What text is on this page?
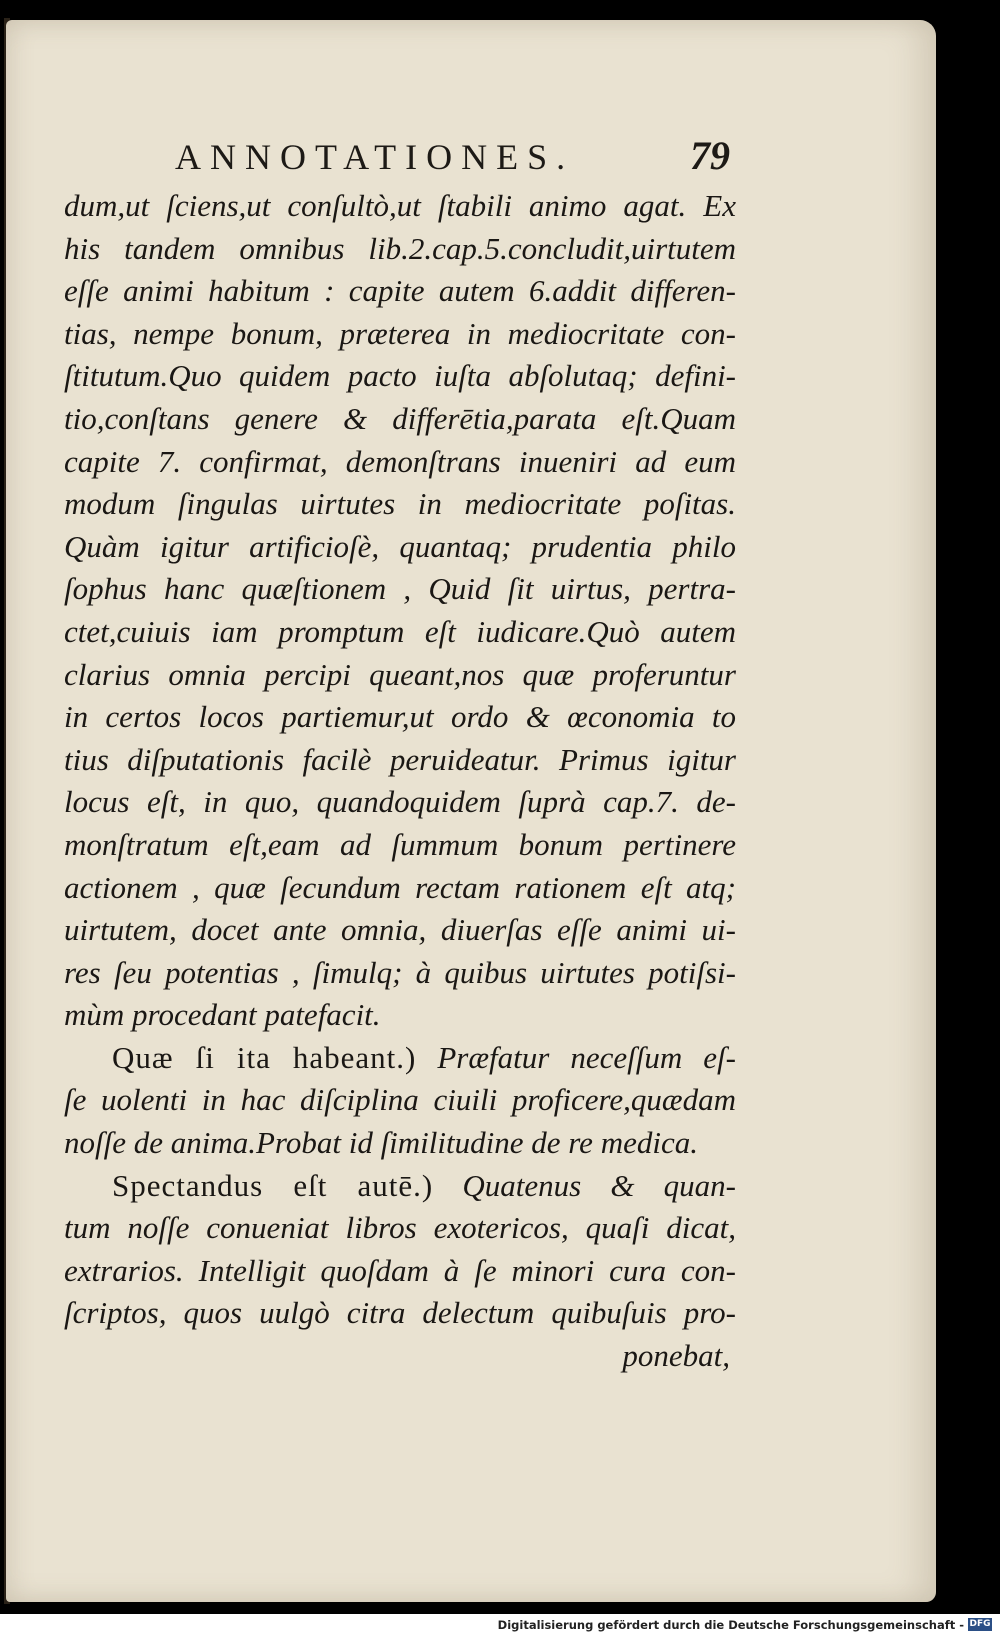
ANNOTATIONES.	79
dum,ut ſciens,ut conſultò,ut ſtabili animo agat. Ex
his tandem omnibus lib.2.cap.5.concludit,uirtutem
eſſe animi habitum : capite autem 6.addit differen-
tias, nempe bonum, præterea in mediocritate con-
ſtitutum.Quo quidem pacto iuſta abſolutaq; defini-
tio,conſtans genere & differētia,parata eſt.Quam
capite 7. confirmat, demonſtrans inueniri ad eum
modum ſingulas uirtutes in mediocritate poſitas.
Quàm igitur artificioſè, quantaq; prudentia philo
ſophus hanc quæſtionem , Quid ſit uirtus, pertra-
ctet,cuiuis iam promptum eſt iudicare.Quò autem
clarius omnia percipi queant,nos quæ proferuntur
in certos locos partiemur,ut ordo & œconomia to
tius diſputationis facilè peruideatur. Primus igitur
locus eſt, in quo, quandoquidem ſuprà cap.7. de-
monſtratum eſt,eam ad ſummum bonum pertinere
actionem , quæ ſecundum rectam rationem eſt atq;
uirtutem, docet ante omnia, diuerſas eſſe animi ui-
res ſeu potentias , ſimulq; à quibus uirtutes potiſsi-
mùm procedant patefacit.
Quæ ſi ita habeant.) Præfatur neceſſum eſ-
ſe uolenti in hac diſciplina ciuili proficere,quædam
noſſe de anima.Probat id ſimilitudine de re medica.
Spectandus eſt autē.) Quatenus & quan-
tum noſſe conueniat libros exotericos, quaſi dicat,
extrarios. Intelligit quoſdam à ſe minori cura con-
ſcriptos, quos uulgò citra delectum quibuſuis pro-
ponebat,
Digitalisierung gefördert durch die Deutsche Forschungsgemeinschaft - DFG
